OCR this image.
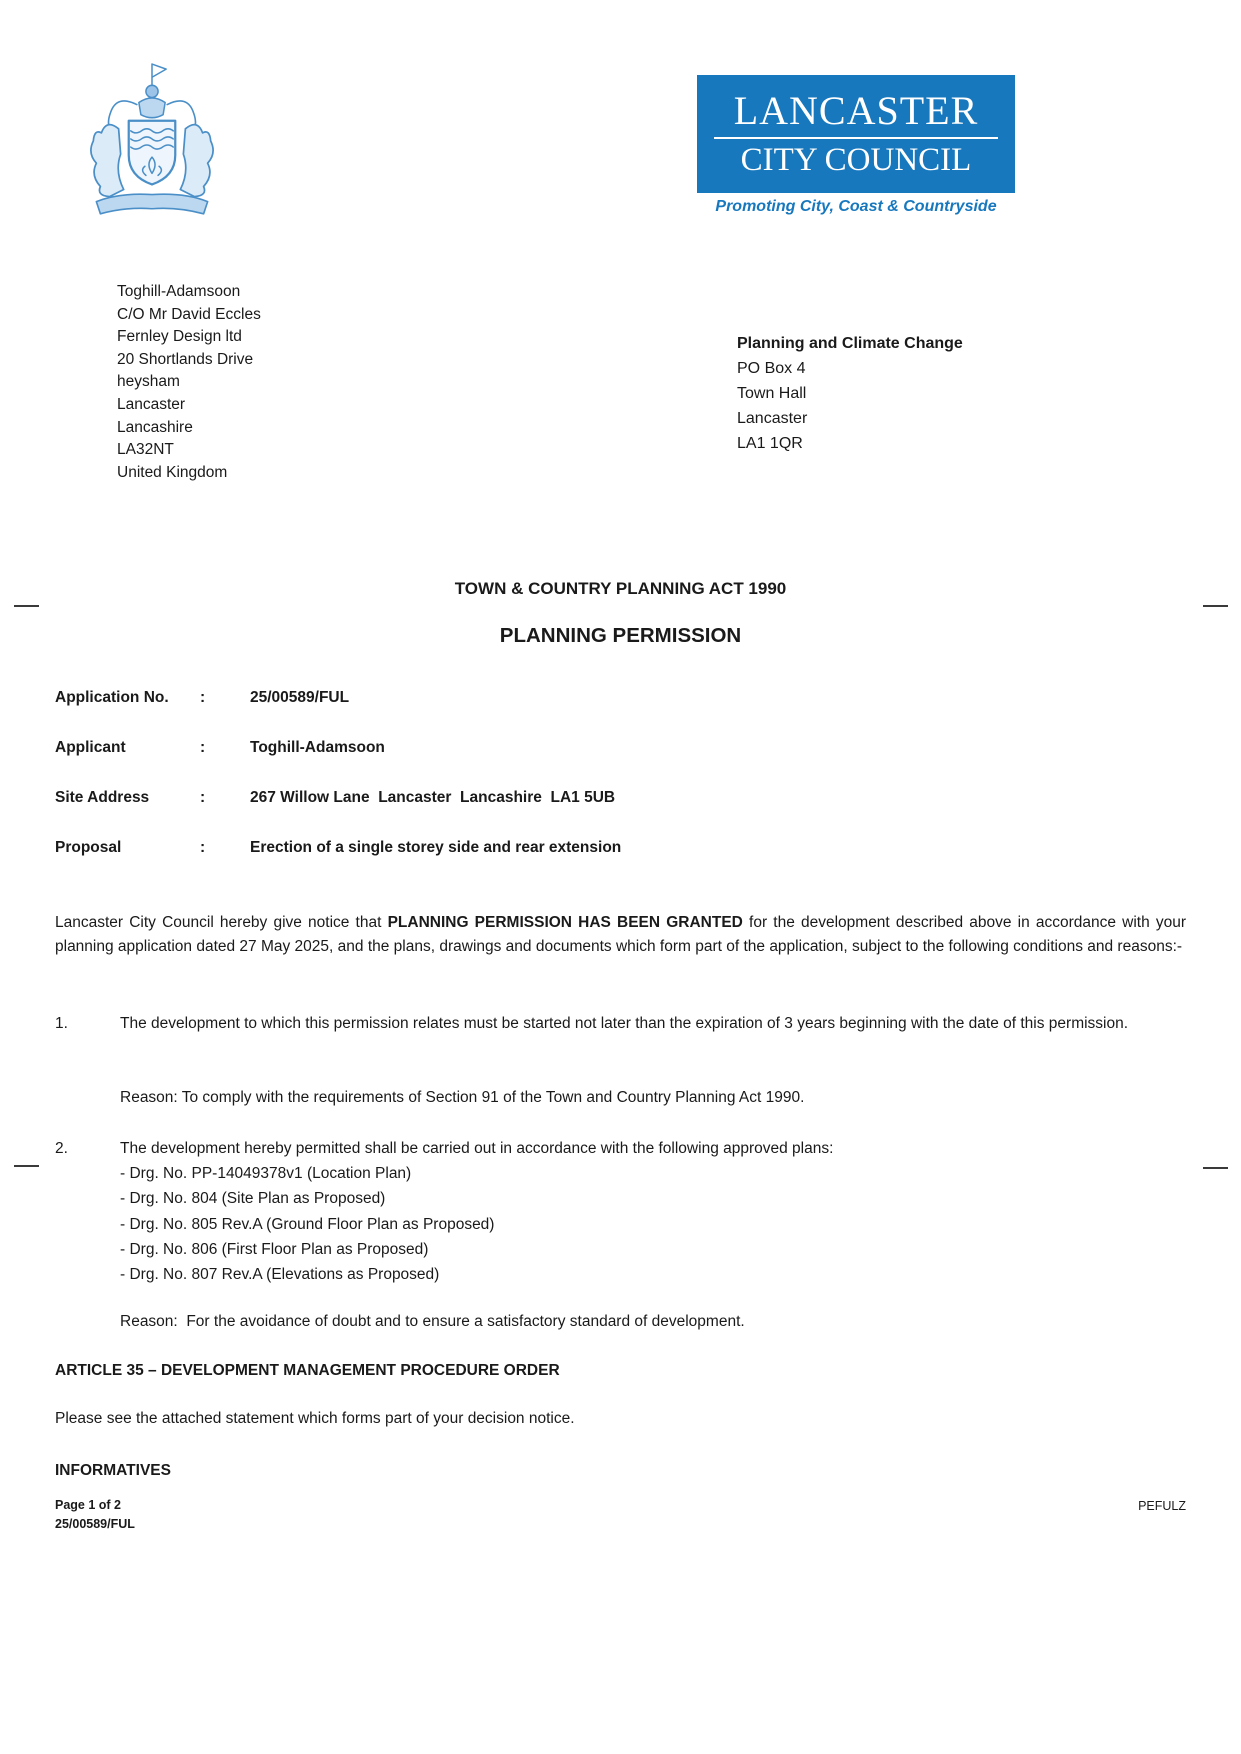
LANCASTER
CITY COUNCIL
Promoting City, Coast & Countryside
Toghill-Adamsoon
C/O Mr David Eccles
Fernley Design ltd
20 Shortlands Drive
heysham
Lancaster
Lancashire
LA32NT
United Kingdom
Planning and Climate Change
PO Box 4
Town Hall
Lancaster
LA1 1QR
TOWN & COUNTRY PLANNING ACT 1990
PLANNING PERMISSION
Application No.	:	25/00589/FUL
Applicant	:	Toghill-Adamsoon
Site Address	:	267 Willow Lane  Lancaster  Lancashire  LA1 5UB
Proposal	:	Erection of a single storey side and rear extension

Lancaster City Council hereby give notice that PLANNING PERMISSION HAS BEEN GRANTED for the development described above in accordance with your planning application dated 27 May 2025, and the plans, drawings and documents which form part of the application, subject to the following conditions and reasons:-

1.	The development to which this permission relates must be started not later than the expiration of 3 years beginning with the date of this permission.
Reason: To comply with the requirements of Section 91 of the Town and Country Planning Act 1990.
2.	The development hereby permitted shall be carried out in accordance with the following approved plans:
- Drg. No. PP-14049378v1 (Location Plan)
- Drg. No. 804 (Site Plan as Proposed)
- Drg. No. 805 Rev.A (Ground Floor Plan as Proposed)
- Drg. No. 806 (First Floor Plan as Proposed)
- Drg. No. 807 Rev.A (Elevations as Proposed)
Reason:  For the avoidance of doubt and to ensure a satisfactory standard of development.
ARTICLE 35 – DEVELOPMENT MANAGEMENT PROCEDURE ORDER
Please see the attached statement which forms part of your decision notice.
INFORMATIVES
Page 1 of 2
25/00589/FUL
PEFULZ
